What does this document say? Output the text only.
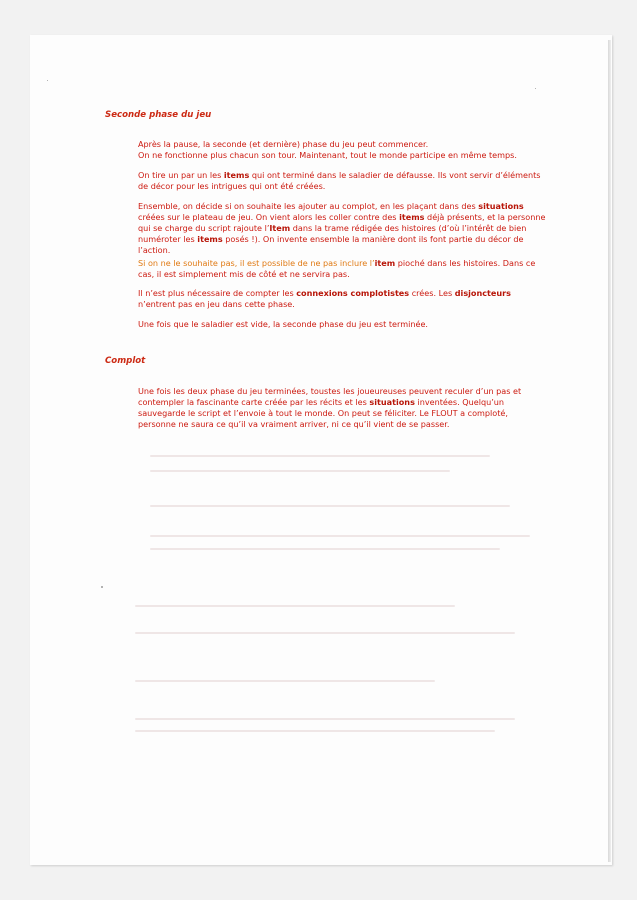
Seconde phase du jeu

Après la pause, la seconde (et dernière) phase du jeu peut commencer.
On ne fonctionne plus chacun son tour. Maintenant, tout le monde participe en même temps.

On tire un par un les items qui ont terminé dans le saladier de défausse. Ils vont servir d’éléments de décor pour les intrigues qui ont été créées.

Ensemble, on décide si on souhaite les ajouter au complot, en les plaçant dans des situations créées sur le plateau de jeu. On vient alors les coller contre des items déjà présents, et la personne qui se charge du script rajoute l’Item dans la trame rédigée des histoires (d’où l’intérêt de bien numéroter les items posés !). On invente ensemble la manière dont ils font partie du décor de l’action.

Si on ne le souhaite pas, il est possible de ne pas inclure l’item pioché dans les histoires. Dans ce cas, il est simplement mis de côté et ne servira pas.

Il n’est plus nécessaire de compter les connexions complotistes crées. Les disjoncteurs n’entrent pas en jeu dans cette phase.

Une fois que le saladier est vide, la seconde phase du jeu est terminée.

Complot

Une fois les deux phase du jeu terminées, toustes les joueureuses peuvent reculer d’un pas et contempler la fascinante carte créée par les récits et les situations inventées. Quelqu’un sauvegarde le script et l’envoie à tout le monde. On peut se féliciter. Le FLOUT a comploté, personne ne saura ce qu’il va vraiment arriver, ni ce qu’il vient de se passer.
